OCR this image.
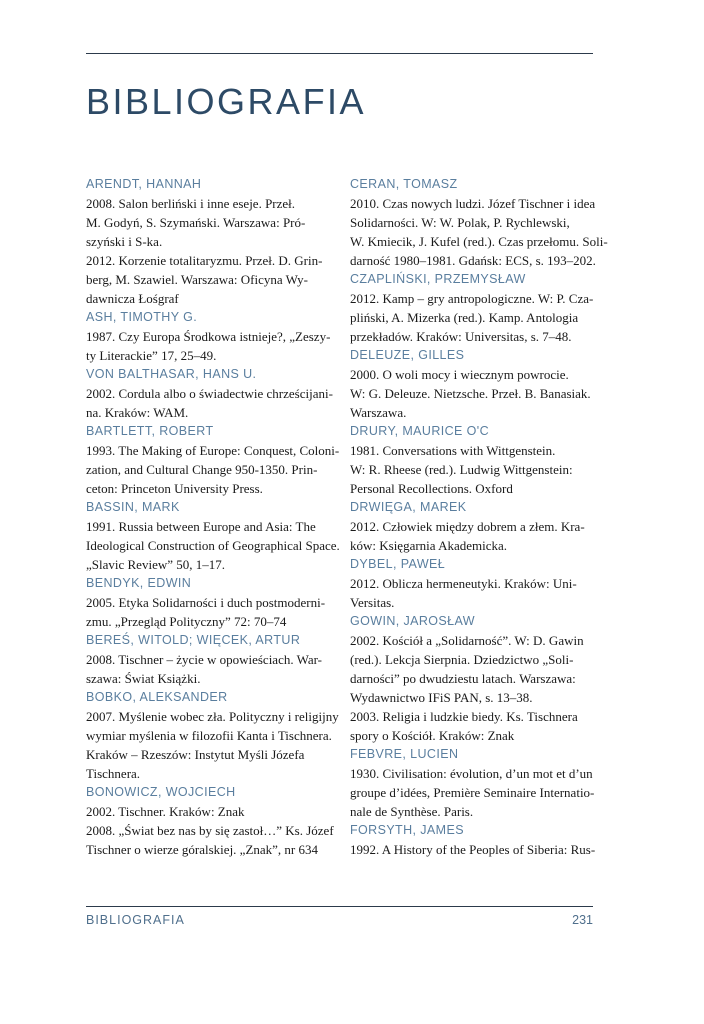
BIBLIOGRAFIA
ARENDT, HANNAH
2008. Salon berliński i inne eseje. Przeł.
M. Godyń, S. Szymański. Warszawa: Pró-
szyński i S-ka.
2012. Korzenie totalitaryzmu. Przeł. D. Grin-
berg, M. Szawiel. Warszawa: Oficyna Wy-
dawnicza Łośgraf
ASH, TIMOTHY G.
1987. Czy Europa Środkowa istnieje?, „Zeszy-
ty Literackie” 17, 25–49.
VON BALTHASAR, HANS U.
2002. Cordula albo o świadectwie chrześcijani-
na. Kraków: WAM.
BARTLETT, ROBERT
1993. The Making of Europe: Conquest, Coloni-
zation, and Cultural Change 950-1350. Prin-
ceton: Princeton University Press.
BASSIN, MARK
1991. Russia between Europe and Asia: The
Ideological Construction of Geographical Space.
„Slavic Review” 50, 1–17.
BENDYK, EDWIN
2005. Etyka Solidarności i duch postmoderni-
zmu. „Przegląd Polityczny” 72: 70–74
BEREŚ, WITOLD; WIĘCEK, ARTUR
2008. Tischner – życie w opowieściach. War-
szawa: Świat Książki.
BOBKO, ALEKSANDER
2007. Myślenie wobec zła. Polityczny i religijny
wymiar myślenia w filozofii Kanta i Tischnera.
Kraków – Rzeszów: Instytut Myśli Józefa
Tischnera.
BONOWICZ, WOJCIECH
2002. Tischner. Kraków: Znak
2008. „Świat bez nas by się zastoł…” Ks. Józef
Tischner o wierze góralskiej. „Znak”, nr 634
CERAN, TOMASZ
2010. Czas nowych ludzi. Józef Tischner i idea
Solidarności. W: W. Polak, P. Rychlewski,
W. Kmiecik, J. Kufel (red.). Czas przełomu. Soli-
darność 1980–1981. Gdańsk: ECS, s. 193–202.
CZAPLIŃSKI, PRZEMYSŁAW
2012. Kamp – gry antropologiczne. W: P. Cza-
pliński, A. Mizerka (red.). Kamp. Antologia
przekładów. Kraków: Universitas, s. 7–48.
DELEUZE, GILLES
2000. O woli mocy i wiecznym powrocie.
W: G. Deleuze. Nietzsche. Przeł. B. Banasiak.
Warszawa.
DRURY, MAURICE O'C
1981. Conversations with Wittgenstein.
W: R. Rheese (red.). Ludwig Wittgenstein:
Personal Recollections. Oxford
DRWIĘGA, MAREK
2012. Człowiek między dobrem a złem. Kra-
ków: Księgarnia Akademicka.
DYBEL, PAWEŁ
2012. Oblicza hermeneutyki. Kraków: Uni-
Versitas.
GOWIN, JAROSŁAW
2002. Kościół a „Solidarność”. W: D. Gawin
(red.). Lekcja Sierpnia. Dziedzictwo „Soli-
darności” po dwudziestu latach. Warszawa:
Wydawnictwo IFiS PAN, s. 13–38.
2003. Religia i ludzkie biedy. Ks. Tischnera
spory o Kościół. Kraków: Znak
FEBVRE, LUCIEN
1930. Civilisation: évolution, d’un mot et d’un
groupe d’idées, Première Seminaire Internatio-
nale de Synthèse. Paris.
FORSYTH, JAMES
1992. A History of the Peoples of Siberia: Rus-
BIBLIOGRAFIA	231
